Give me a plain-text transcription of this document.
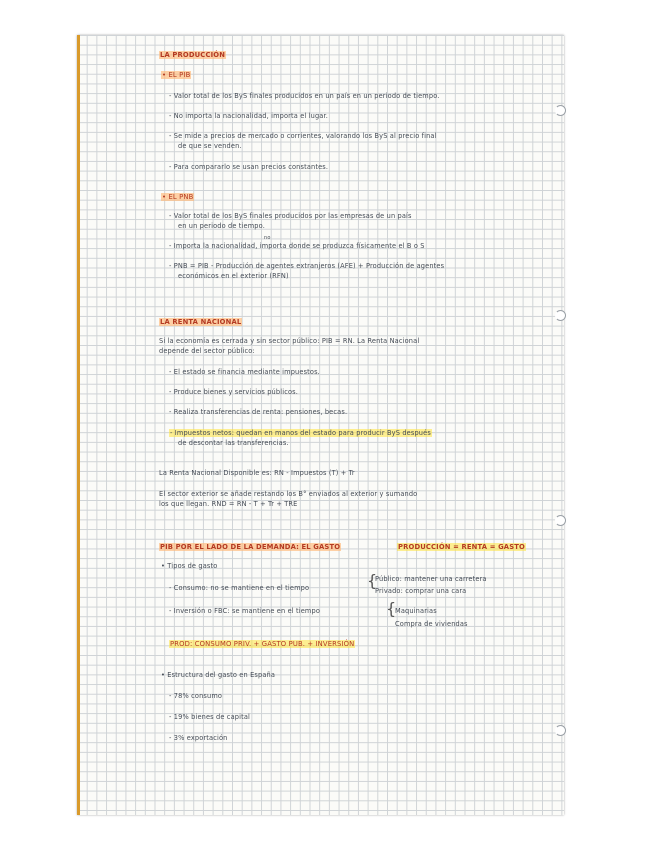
LA PRODUCCIÓN
• EL PIB
- Valor total de los ByS finales producidos en un país en un periodo de tiempo.
- No importa la nacionalidad, importa el lugar.
- Se mide a precios de mercado o corrientes, valorando los ByS al precio final
de que se venden.
- Para compararlo se usan precios constantes.
• EL PNB
- Valor total de los ByS finales producidos por las empresas de un país
en un periodo de tiempo.
no
- Importa la nacionalidad, importa donde se produzca físicamente el B o S
- PNB = PIB - Producción de agentes extranjeros (AFE) + Producción de agentes
económicos en el exterior (RFN)
LA RENTA NACIONAL
Si la economía es cerrada y sin sector público: PIB = RN. La Renta Nacional
depende del sector público:
- El estado se financia mediante impuestos.
- Produce bienes y servicios públicos.
- Realiza transferencias de renta: pensiones, becas.
- Impuestos netos: quedan en manos del estado para producir ByS después
de descontar las transferencias.
La Renta Nacional Disponible es: RN - Impuestos (T) + Tr
El sector exterior se añade restando los B° enviados al exterior y sumando
los que llegan. RND = RN - T + Tr + TRE
PIB POR EL LADO DE LA DEMANDA: EL GASTO	PRODUCCIÓN = RENTA = GASTO
• Tipos de gasto
- Consumo: no se mantiene en el tiempo	{
Público: mantener una carretera
Privado: comprar una cara
- Inversión o FBC: se mantiene en el tiempo	{
Maquinarias
Compra de viviendas
PROD: CONSUMO PRIV. + GASTO PUB. + INVERSIÓN
• Estructura del gasto en España
- 78% consumo
- 19% bienes de capital
- 3% exportación
